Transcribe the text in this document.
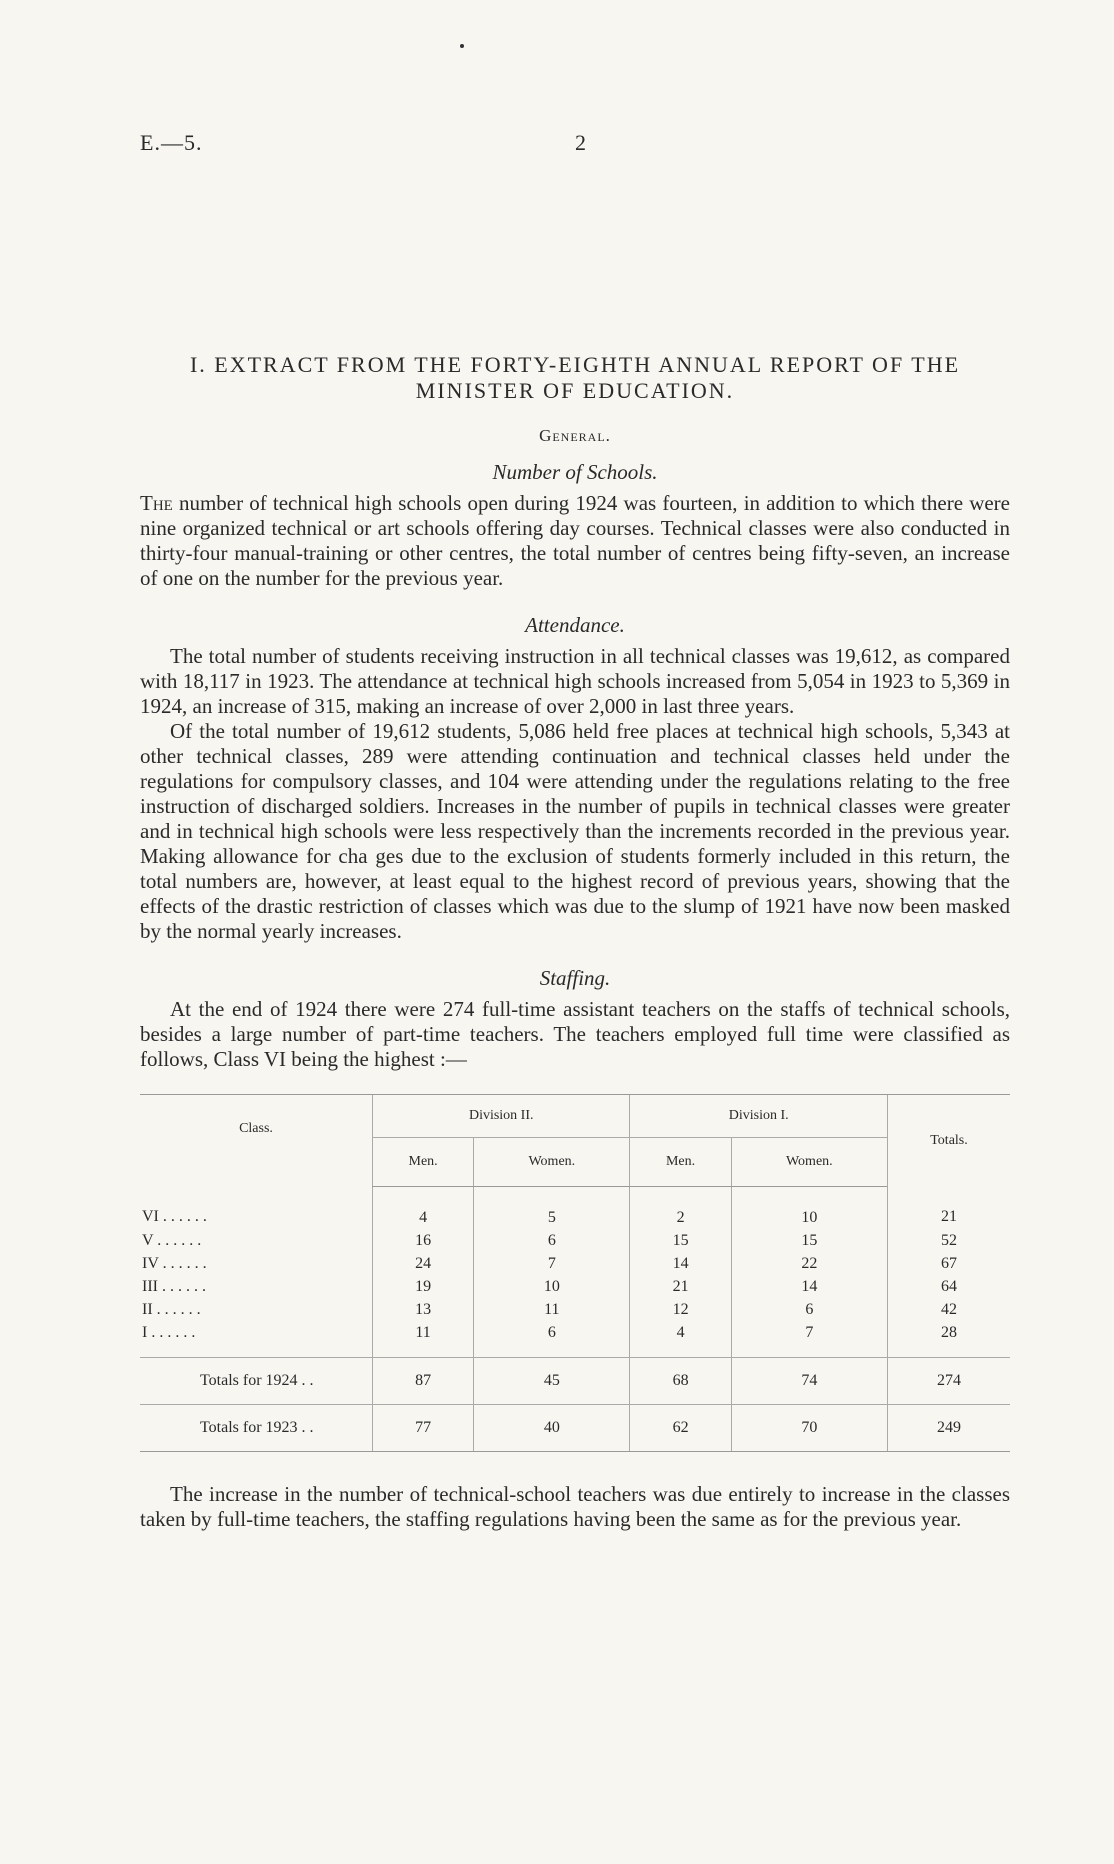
E.—5.	2
I. EXTRACT FROM THE FORTY-EIGHTH ANNUAL REPORT OF THE
MINISTER OF EDUCATION.
General.
Number of Schools.

The number of technical high schools open during 1924 was fourteen, in addition to which there were nine organized technical or art schools offering day courses. Technical classes were also conducted in thirty-four manual-training or other centres, the total number of centres being fifty-seven, an increase of one on the number for the previous year.

Attendance.

The total number of students receiving instruction in all technical classes was 19,612, as compared with 18,117 in 1923. The attendance at technical high schools increased from 5,054 in 1923 to 5,369 in 1924, an increase of 315, making an increase of over 2,000 in last three years.

Of the total number of 19,612 students, 5,086 held free places at technical high schools, 5,343 at other technical classes, 289 were attending continuation and technical classes held under the regulations for compulsory classes, and 104 were attending under the regulations relating to the free instruction of discharged soldiers. Increases in the number of pupils in technical classes were greater and in technical high schools were less respectively than the increments recorded in the previous year. Making allowance for cha ges due to the exclusion of students formerly included in this return, the total numbers are, however, at least equal to the highest record of previous years, showing that the effects of the drastic restriction of classes which was due to the slump of 1921 have now been masked by the normal yearly increases.

Staffing.

At the end of 1924 there were 274 full-time assistant teachers on the staffs of technical schools, besides a large number of part-time teachers. The teachers employed full time were classified as follows, Class VI being the highest :—

Class.	Division II.		Division I.		Totals.
	Men.	Women.	Men.	Women.	
VI . . . . . .	4	5	2	10	21
V . . . . . .	16	6	15	15	52
IV . . . . . .	24	7	14	22	67
III . . . . . .	19	10	21	14	64
II . . . . . .	13	11	12	6	42
I . . . . . .	11	6	4	7	28
Totals for 1924 . .	87	45	68	74	274
Totals for 1923 . .	77	40	62	70	249

The increase in the number of technical-school teachers was due entirely to increase in the classes taken by full-time teachers, the staffing regulations having been the same as for the previous year.
